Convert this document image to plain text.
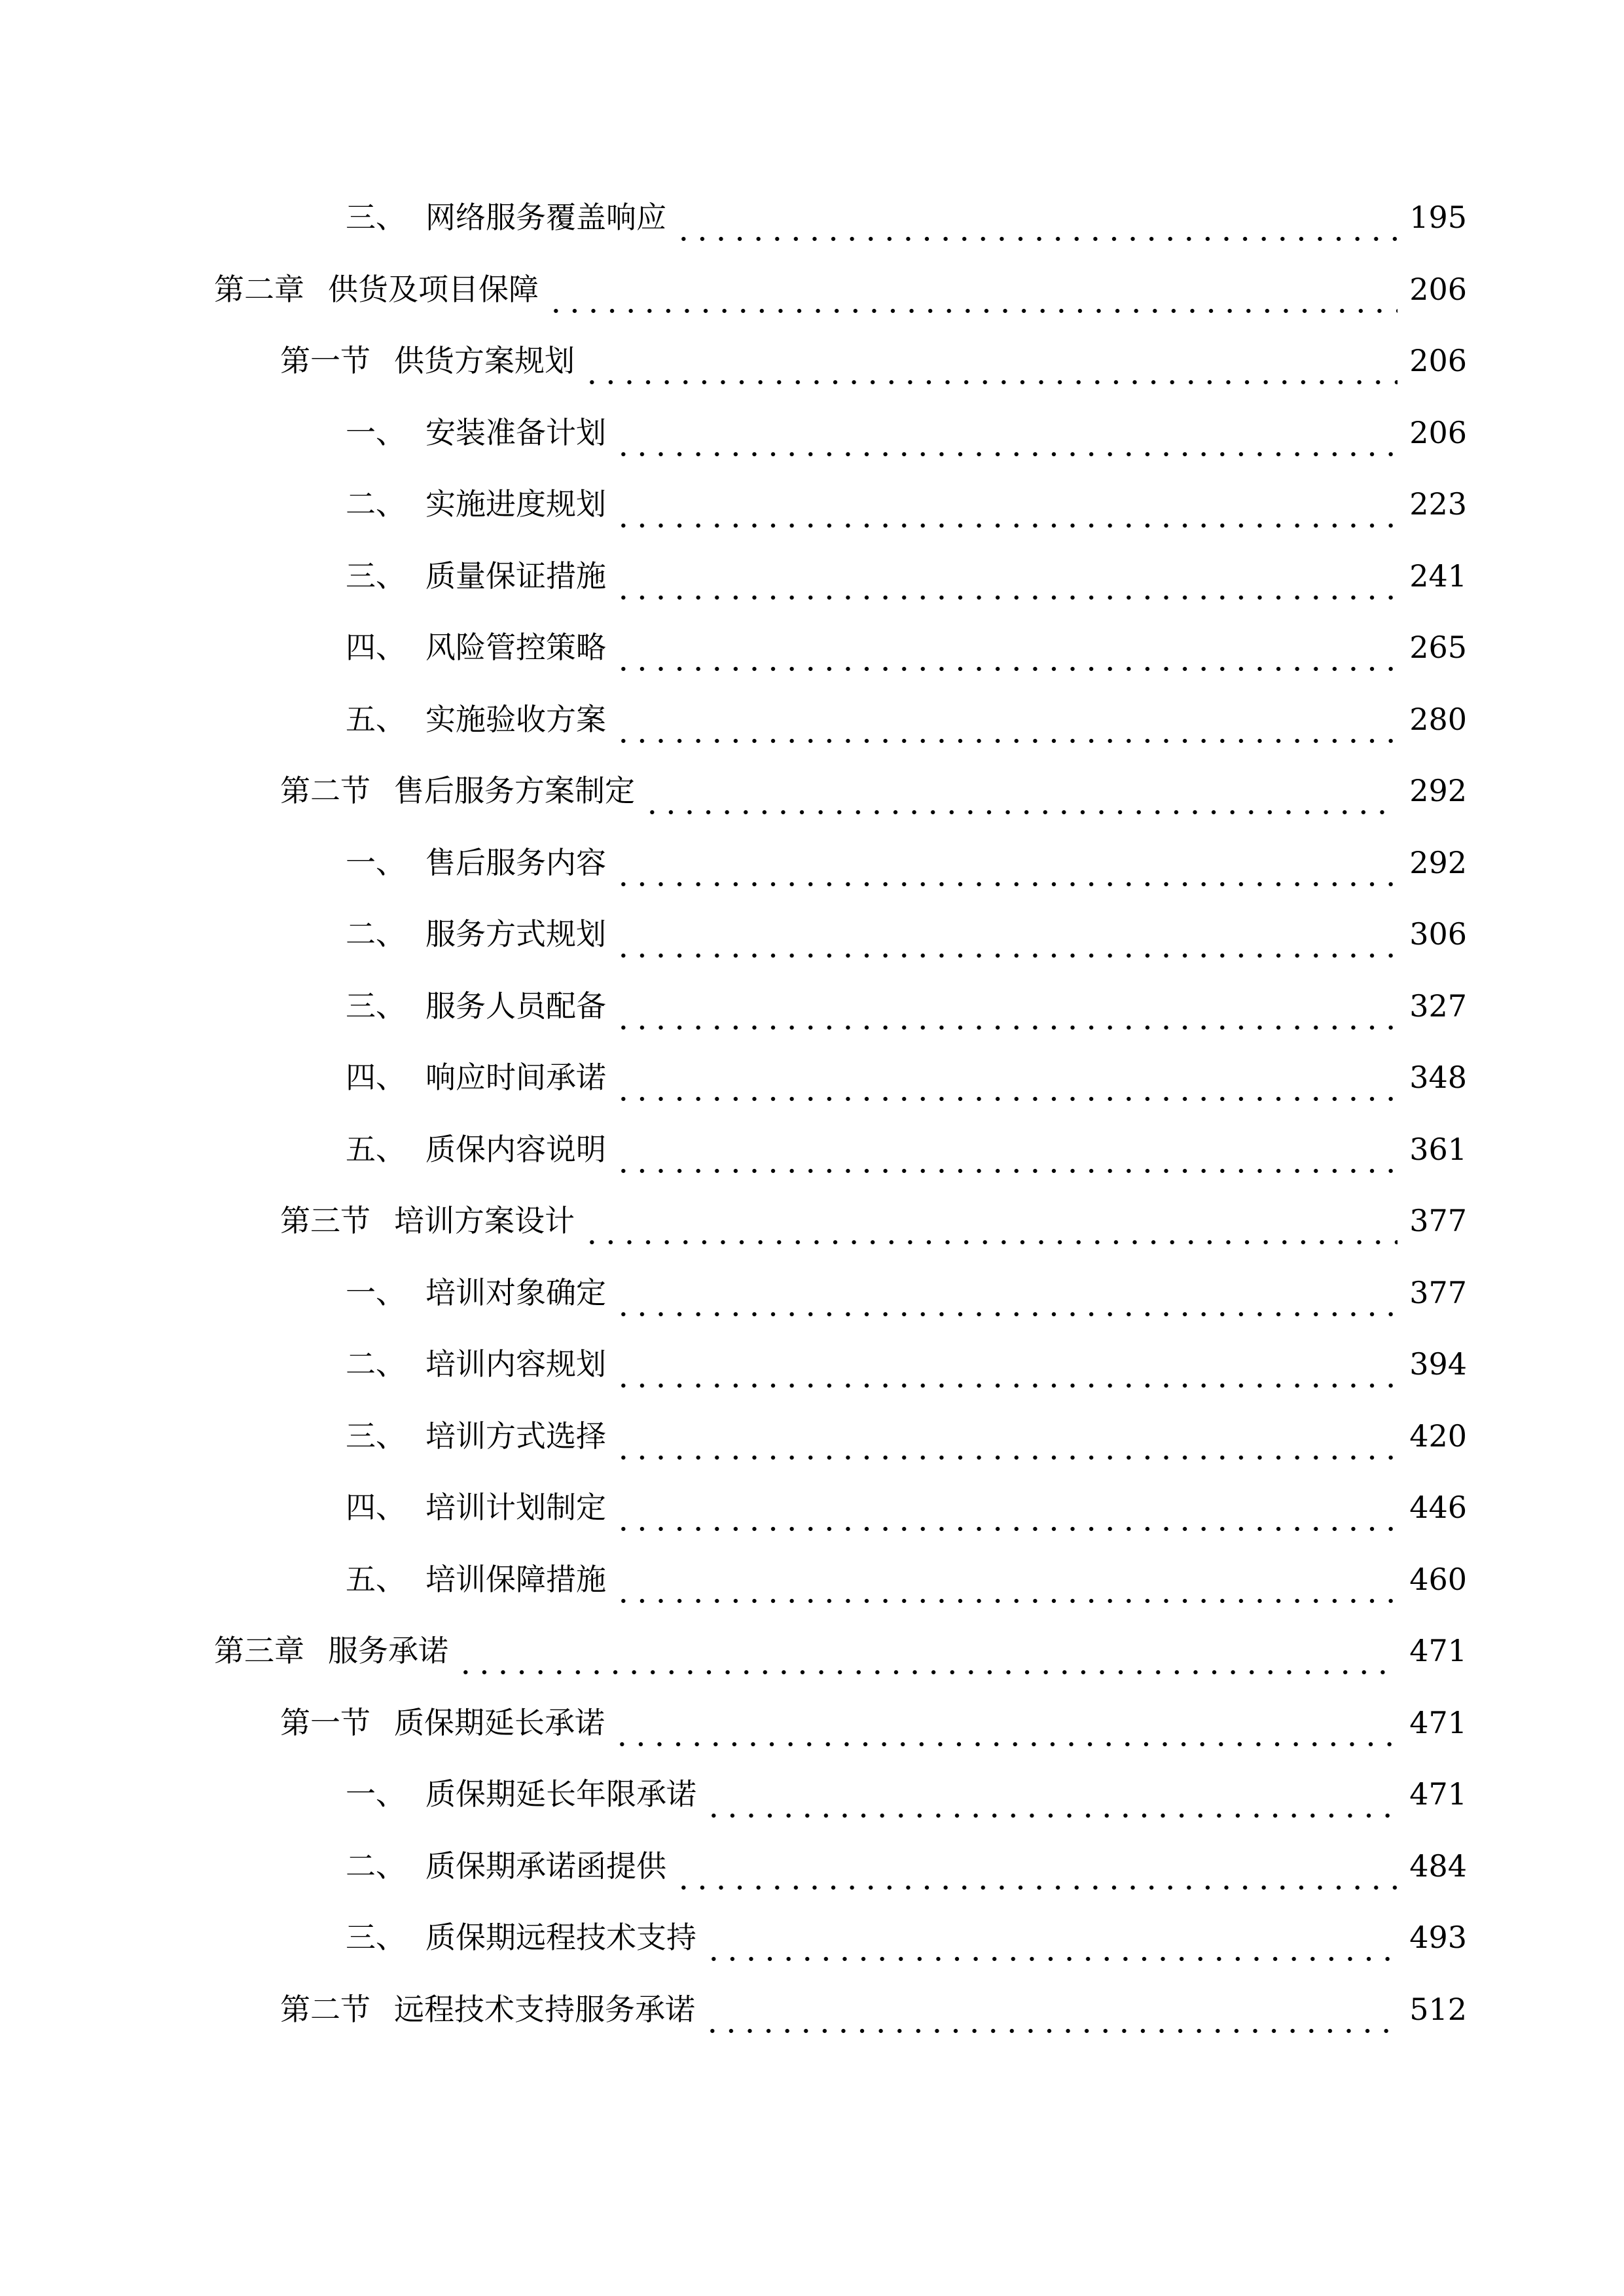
三、 网络服务覆盖响应	195
第二章 供货及项目保障	206
第一节 供货方案规划	206
一、 安装准备计划	206
二、 实施进度规划	223
三、 质量保证措施	241
四、 风险管控策略	265
五、 实施验收方案	280
第二节 售后服务方案制定	292
一、 售后服务内容	292
二、 服务方式规划	306
三、 服务人员配备	327
四、 响应时间承诺	348
五、 质保内容说明	361
第三节 培训方案设计	377
一、 培训对象确定	377
二、 培训内容规划	394
三、 培训方式选择	420
四、 培训计划制定	446
五、 培训保障措施	460
第三章 服务承诺	471
第一节 质保期延长承诺	471
一、 质保期延长年限承诺	471
二、 质保期承诺函提供	484
三、 质保期远程技术支持	493
第二节 远程技术支持服务承诺	512
